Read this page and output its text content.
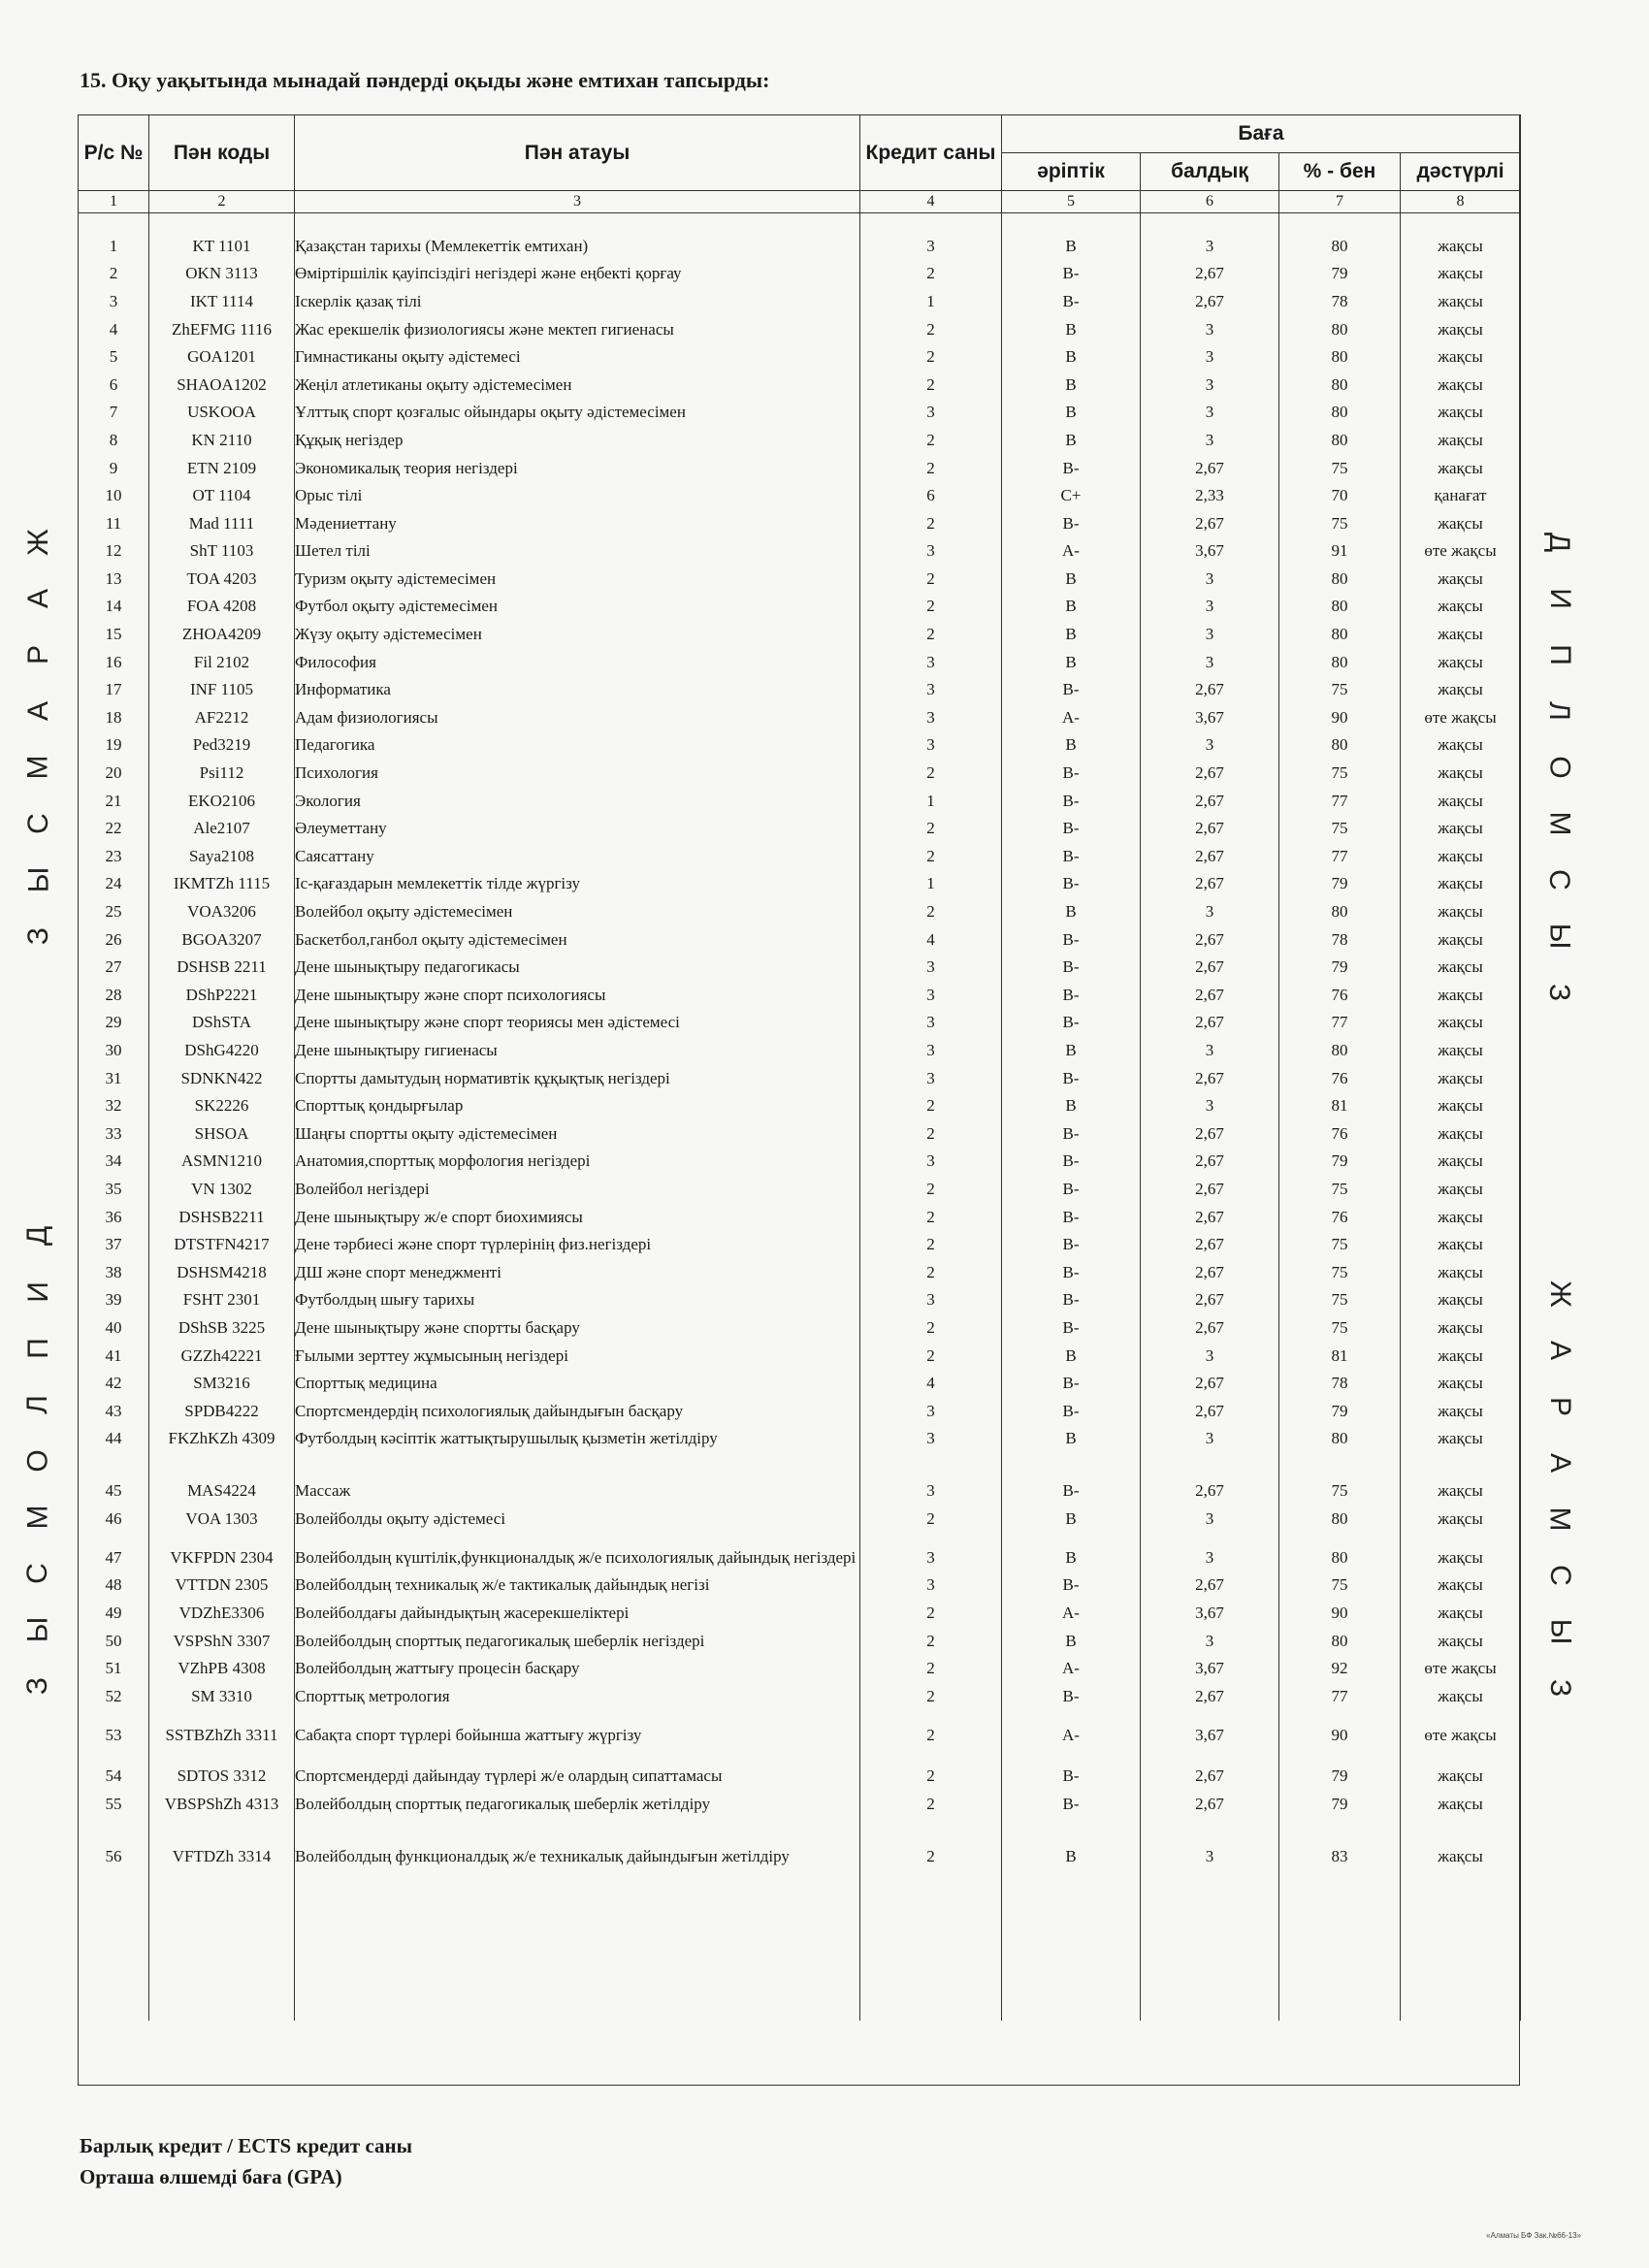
15. Оқу уақытында мынадай пәндерді оқыды және емтихан тапсырды:
Ж
А
Р
А
М
С
Ы
З
Д
И
П
Л
О
М
С
Ы
З
Д
И
П
Л
О
М
С
Ы
З
Ж
А
Р
А
М
С
Ы
З
Р/с №	Пән коды	Пән атауы	Кредит саны	Баға			
				әріптік	балдық	% - бен	дәстүрлі
1	2	3	4	5	6	7	8

1	KT 1101	Қазақстан тарихы (Мемлекеттік емтихан)	3	B	3	80	жақсы
2	OKN 3113	Өміртіршілік қауіпсіздігі негіздері және еңбекті қорғау	2	B-	2,67	79	жақсы
3	IKT 1114	Іскерлік қазақ тілі	1	B-	2,67	78	жақсы
4	ZhEFMG 1116	Жас ерекшелік физиологиясы және мектеп гигиенасы	2	B	3	80	жақсы
5	GOA1201	Гимнастиканы оқыту әдістемесі	2	B	3	80	жақсы
6	SHAOA1202	Жеңіл атлетиканы оқыту әдістемесімен	2	B	3	80	жақсы
7	USKOOA	Ұлттық спорт қозғалыс ойындары оқыту әдістемесімен	3	B	3	80	жақсы
8	KN 2110	Құқық негіздер	2	B	3	80	жақсы
9	ETN 2109	Экономикалық теория негіздері	2	B-	2,67	75	жақсы
10	OT 1104	Орыс тілі	6	C+	2,33	70	қанағат
11	Mad 1111	Мәдениеттану	2	B-	2,67	75	жақсы
12	ShT 1103	Шетел тілі	3	A-	3,67	91	өте жақсы
13	TOA 4203	Туризм оқыту әдістемесімен	2	B	3	80	жақсы
14	FOA 4208	Футбол оқыту әдістемесімен	2	B	3	80	жақсы
15	ZHOA4209	Жүзу оқыту әдістемесімен	2	B	3	80	жақсы
16	Fil 2102	Философия	3	B	3	80	жақсы
17	INF 1105	Информатика	3	B-	2,67	75	жақсы
18	AF2212	Адам физиологиясы	3	A-	3,67	90	өте жақсы
19	Ped3219	Педагогика	3	B	3	80	жақсы
20	Psi112	Психология	2	B-	2,67	75	жақсы
21	EKO2106	Экология	1	B-	2,67	77	жақсы
22	Ale2107	Әлеуметтану	2	B-	2,67	75	жақсы
23	Saya2108	Саясаттану	2	B-	2,67	77	жақсы
24	IKMTZh 1115	Іс-қағаздарын мемлекеттік тілде жүргізу	1	B-	2,67	79	жақсы
25	VOA3206	Волейбол оқыту әдістемесімен	2	B	3	80	жақсы
26	BGOA3207	Баскетбол,ганбол оқыту әдістемесімен	4	B-	2,67	78	жақсы
27	DSHSB 2211	Дене шынықтыру педагогикасы	3	B-	2,67	79	жақсы
28	DShP2221	Дене шынықтыру және спорт психологиясы	3	B-	2,67	76	жақсы
29	DShSTA	Дене шынықтыру және спорт теориясы мен әдістемесі	3	B-	2,67	77	жақсы
30	DShG4220	Дене шынықтыру гигиенасы	3	B	3	80	жақсы
31	SDNKN422	Спортты дамытудың нормативтік құқықтық негіздері	3	B-	2,67	76	жақсы
32	SK2226	Спорттық қондырғылар	2	B	3	81	жақсы
33	SHSOA	Шаңғы спортты оқыту әдістемесімен	2	B-	2,67	76	жақсы
34	ASMN1210	Анатомия,спорттық морфология негіздері	3	B-	2,67	79	жақсы
35	VN 1302	Волейбол негіздері	2	B-	2,67	75	жақсы
36	DSHSB2211	Дене шынықтыру ж/е спорт биохимиясы	2	B-	2,67	76	жақсы
37	DTSTFN4217	Дене тәрбиесі және спорт түрлерінің физ.негіздері	2	B-	2,67	75	жақсы
38	DSHSM4218	ДШ және спорт менеджменті	2	B-	2,67	75	жақсы
39	FSHT 2301	Футболдың шығу тарихы	3	B-	2,67	75	жақсы
40	DShSB 3225	Дене шынықтыру және спортты басқару	2	B-	2,67	75	жақсы
41	GZZh42221	Ғылыми зерттеу жұмысының негіздері	2	B	3	81	жақсы
42	SM3216	Спорттық медицина	4	B-	2,67	78	жақсы
43	SPDB4222	Спортсмендердің психологиялық дайындығын басқару	3	B-	2,67	79	жақсы
44	FKZhKZh 4309	Футболдың кәсіптік жаттықтырушылық қызметін жетілдіру	3	B	3	80	жақсы

45	MAS4224	Массаж	3	B-	2,67	75	жақсы
46	VOA 1303	Волейболды оқыту әдістемесі	2	B	3	80	жақсы
47	VKFPDN 2304	Волейболдың күштілік,функционалдық ж/е психологиялық дайындық негіздері	3	B	3	80	жақсы
48	VTTDN 2305	Волейболдың техникалық ж/е тактикалық дайындық негізі	3	B-	2,67	75	жақсы
49	VDZhE3306	Волейболдағы дайындықтың жасерекшеліктері	2	A-	3,67	90	жақсы
50	VSPShN 3307	Волейболдың спорттық педагогикалық шеберлік негіздері	2	B	3	80	жақсы
51	VZhPB 4308	Волейболдың жаттығу процесін басқару	2	A-	3,67	92	өте жақсы
52	SM 3310	Спорттық метрология	2	B-	2,67	77	жақсы
53	SSTBZhZh 3311	Сабақта спорт түрлері бойынша жаттығу жүргізу	2	A-	3,67	90	өте жақсы

54	SDTOS 3312	Спортсмендерді дайындау түрлері ж/е олардың сипаттамасы	2	B-	2,67	79	жақсы
55	VBSPShZh 4313	Волейболдың спорттық педагогикалық шеберлік жетілдіру	2	B-	2,67	79	жақсы

56	VFTDZh 3314	Волейболдың функционалдық ж/е техникалық дайындығын жетілдіру	2	B	3	83	жақсы

Барлық кредит / ECTS кредит саны
Орташа өлшемді баға (GPA)
«Алматы БФ Зак.№66-13»
